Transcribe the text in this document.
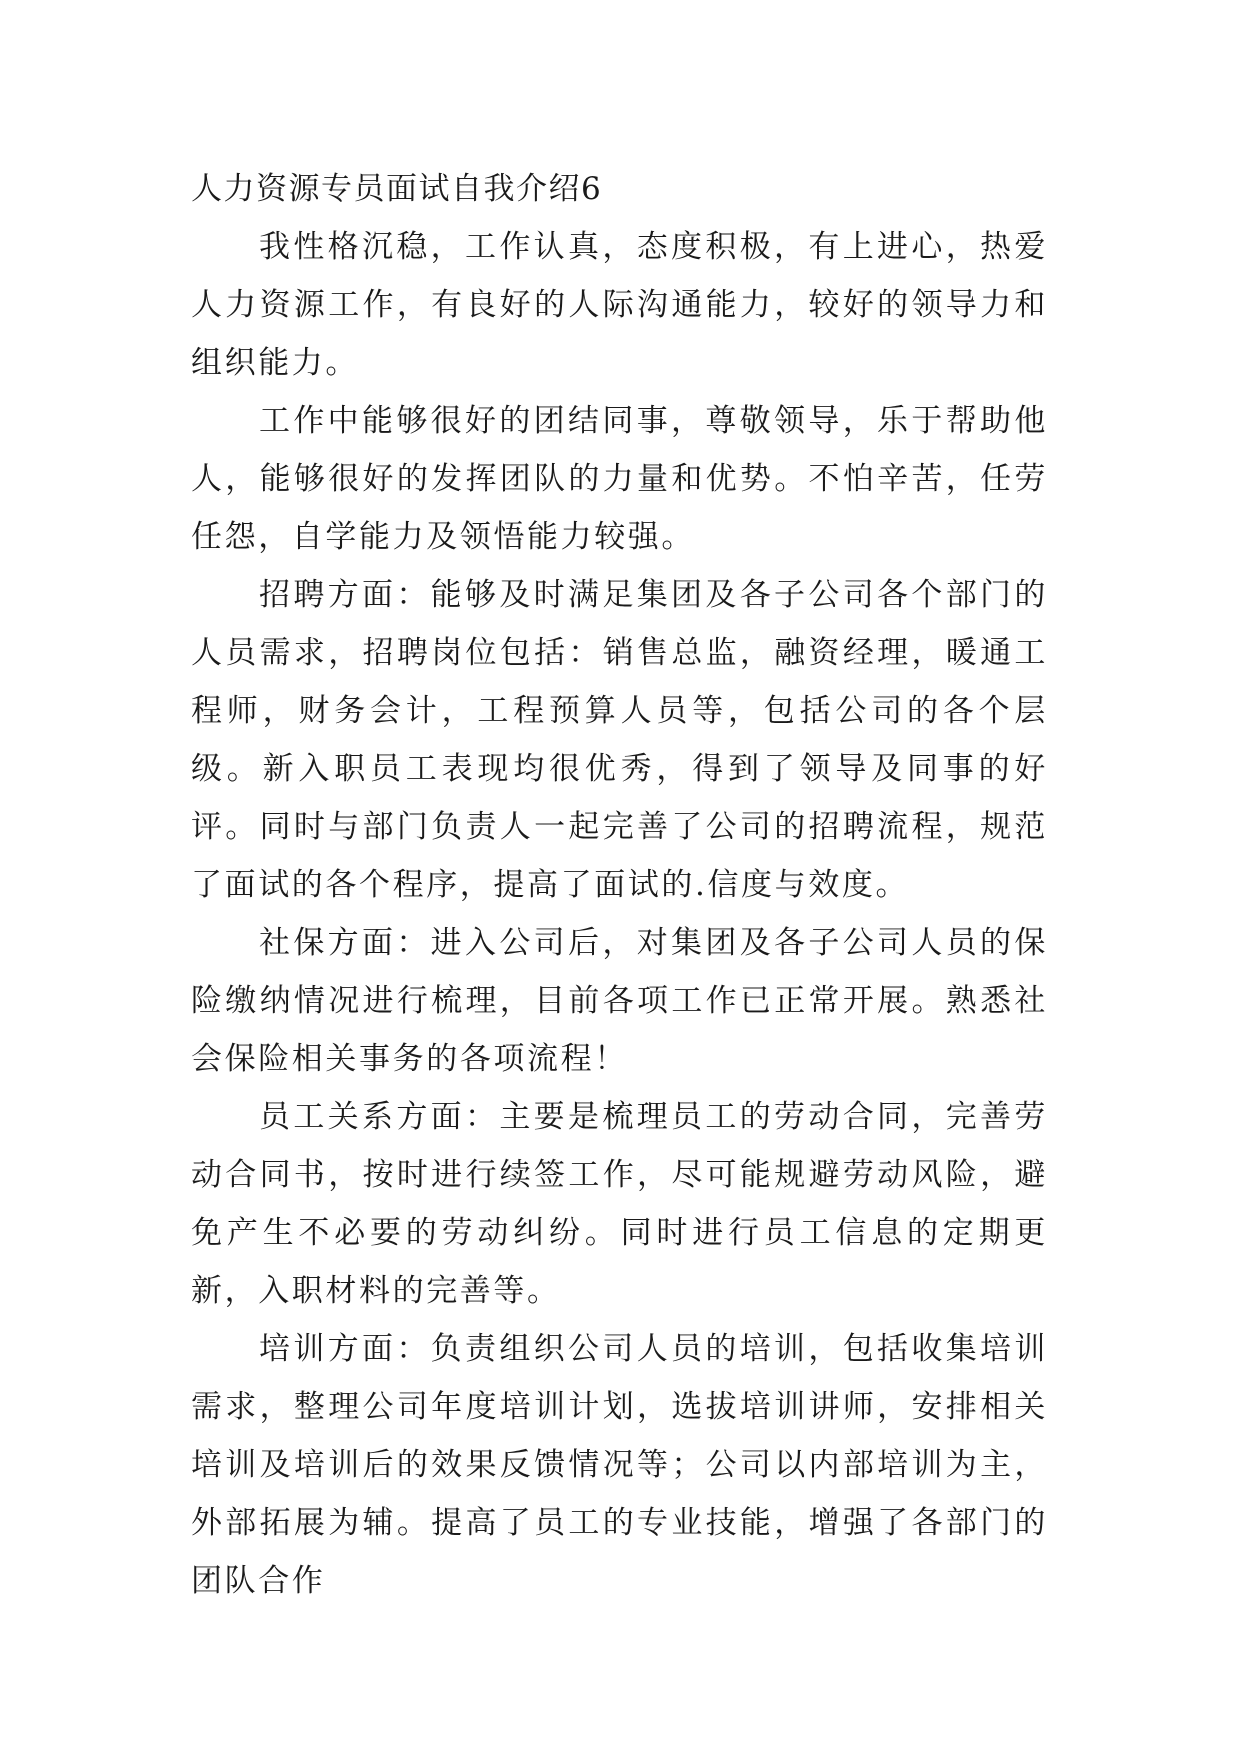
人力资源专员面试自我介绍6

我性格沉稳，工作认真，态度积极，有上进心，热爱人力资源工作，有良好的人际沟通能力，较好的领导力和组织能力。

工作中能够很好的团结同事，尊敬领导，乐于帮助他人，能够很好的发挥团队的力量和优势。不怕辛苦，任劳任怨，自学能力及领悟能力较强。

招聘方面：能够及时满足集团及各子公司各个部门的人员需求，招聘岗位包括：销售总监，融资经理，暖通工程师，财务会计，工程预算人员等，包括公司的各个层级。新入职员工表现均很优秀，得到了领导及同事的好评。同时与部门负责人一起完善了公司的招聘流程，规范了面试的各个程序，提高了面试的.信度与效度。

社保方面：进入公司后，对集团及各子公司人员的保险缴纳情况进行梳理，目前各项工作已正常开展。熟悉社会保险相关事务的各项流程！

员工关系方面：主要是梳理员工的劳动合同，完善劳动合同书，按时进行续签工作，尽可能规避劳动风险，避免产生不必要的劳动纠纷。同时进行员工信息的定期更新，入职材料的完善等。

培训方面：负责组织公司人员的培训，包括收集培训需求，整理公司年度培训计划，选拔培训讲师，安排相关培训及培训后的效果反馈情况等；公司以内部培训为主，外部拓展为辅。提高了员工的专业技能，增强了各部门的团队合作
